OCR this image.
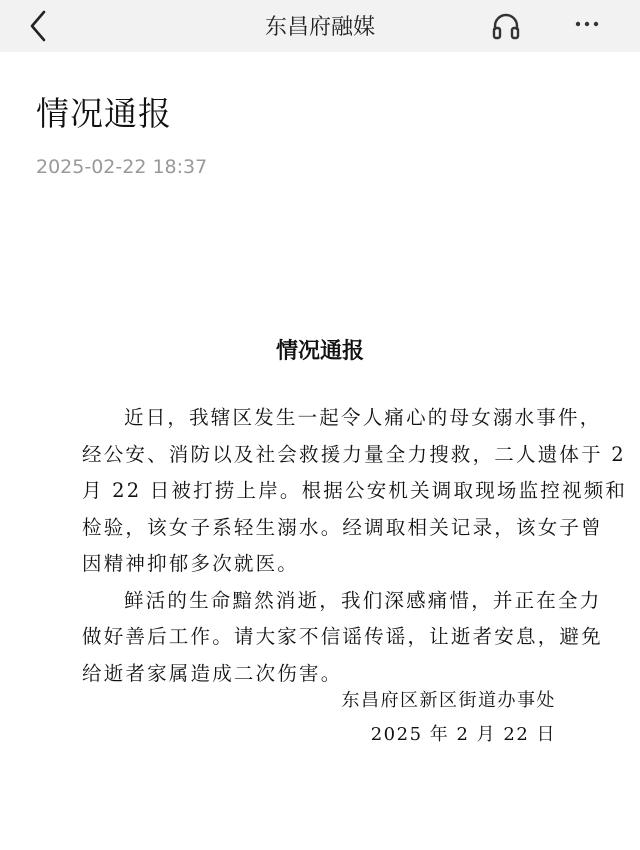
东昌府融媒
情况通报
2025-02-22 18:37
情况通报
近日，我辖区发生一起令人痛心的母女溺水事件，
经公安、消防以及社会救援力量全力搜救，二人遗体于 2
月 22 日被打捞上岸。根据公安机关调取现场监控视频和
检验，该女子系轻生溺水。经调取相关记录，该女子曾
因精神抑郁多次就医。
鲜活的生命黯然消逝，我们深感痛惜，并正在全力
做好善后工作。请大家不信谣传谣，让逝者安息，避免
给逝者家属造成二次伤害。
东昌府区新区街道办事处
2025 年 2 月 22 日
